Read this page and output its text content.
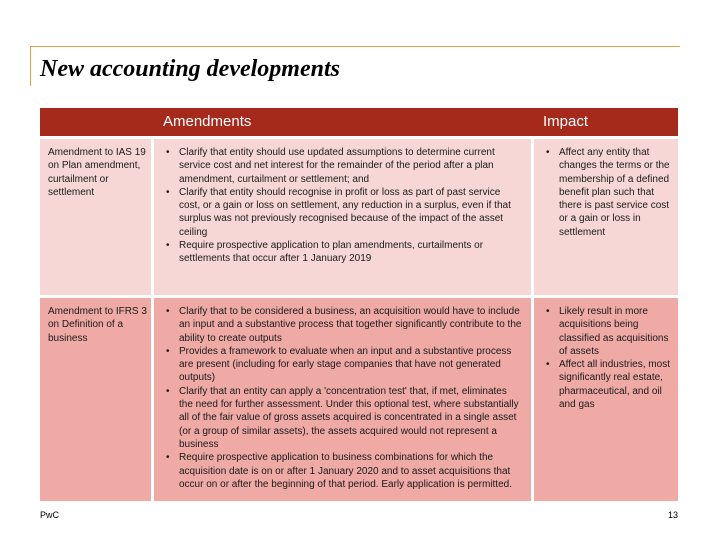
New accounting developments
Amendments	Impact
Amendment to IAS 19 on Plan amendment, curtailment or settlement
• Clarify that entity should use updated assumptions to determine current service cost and net interest for the remainder of the period after a plan amendment, curtailment or settlement; and
• Clarify that entity should recognise in profit or loss as part of past service cost, or a gain or loss on settlement, any reduction in a surplus, even if that surplus was not previously recognised because of the impact of the asset ceiling
• Require prospective application to plan amendments, curtailments or settlements that occur after 1 January 2019
• Affect any entity that changes the terms or the membership of a defined benefit plan such that there is past service cost or a gain or loss in settlement
Amendment to IFRS 3 on Definition of a business
• Clarify that to be considered a business, an acquisition would have to include an input and a substantive process that together significantly contribute to the ability to create outputs
• Provides a framework to evaluate when an input and a substantive process are present (including for early stage companies that have not generated outputs)
• Clarify that an entity can apply a 'concentration test' that, if met, eliminates the need for further assessment. Under this optional test, where substantially all of the fair value of gross assets acquired is concentrated in a single asset (or a group of similar assets), the assets acquired would not represent a business
• Require prospective application to business combinations for which the acquisition date is on or after 1 January 2020 and to asset acquisitions that occur on or after the beginning of that period. Early application is permitted.
• Likely result in more acquisitions being classified as acquisitions of assets
• Affect all industries, most significantly real estate, pharmaceutical, and oil and gas
PwC	13
